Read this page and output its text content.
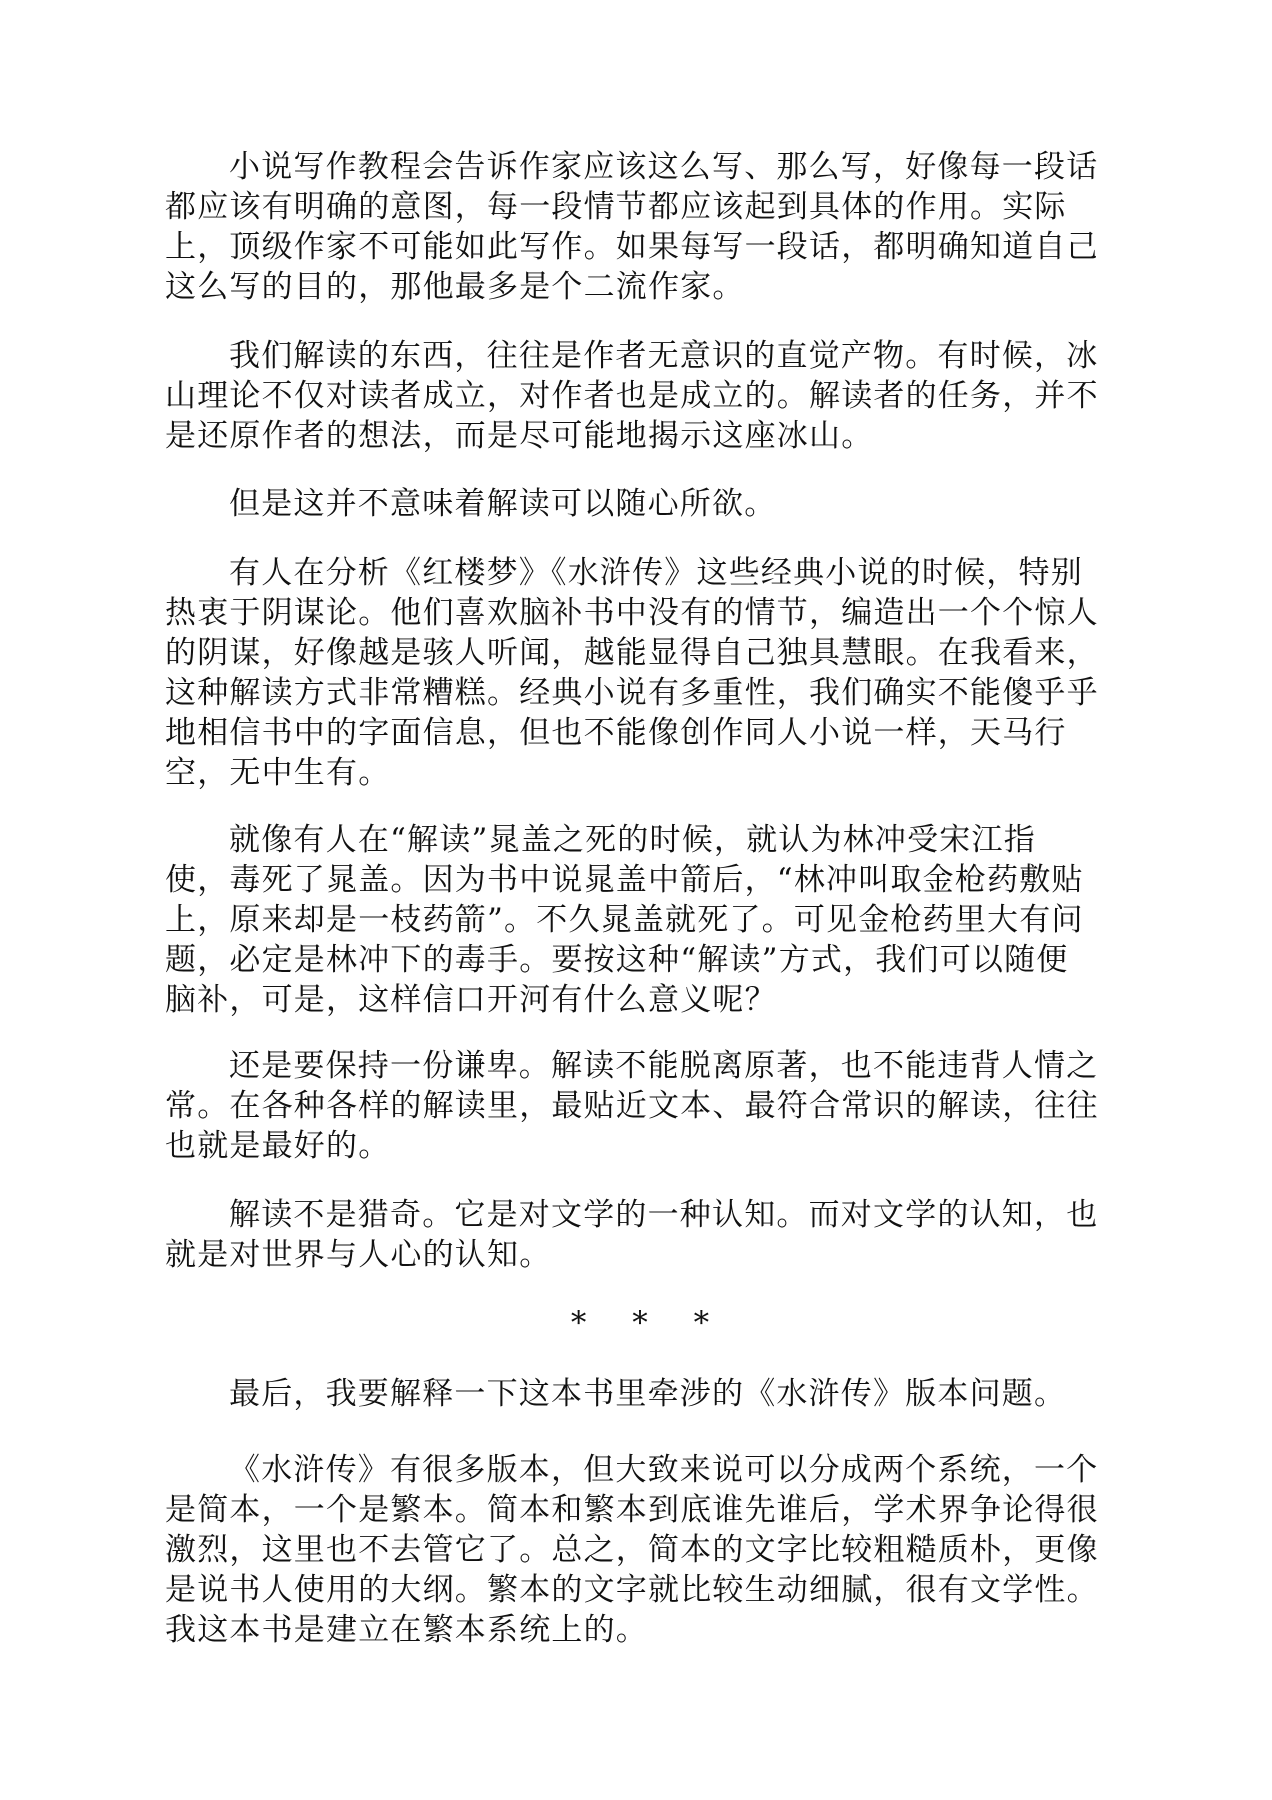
小说写作教程会告诉作家应该这么写、那么写，好像每一段话
都应该有明确的意图，每一段情节都应该起到具体的作用。实际
上，顶级作家不可能如此写作。如果每写一段话，都明确知道自己
这么写的目的，那他最多是个二流作家。

我们解读的东西，往往是作者无意识的直觉产物。有时候，冰
山理论不仅对读者成立，对作者也是成立的。解读者的任务，并不
是还原作者的想法，而是尽可能地揭示这座冰山。

但是这并不意味着解读可以随心所欲。

有人在分析《红楼梦》《水浒传》这些经典小说的时候，特别
热衷于阴谋论。他们喜欢脑补书中没有的情节，编造出一个个惊人
的阴谋，好像越是骇人听闻，越能显得自己独具慧眼。在我看来，
这种解读方式非常糟糕。经典小说有多重性，我们确实不能傻乎乎
地相信书中的字面信息，但也不能像创作同人小说一样，天马行
空，无中生有。

就像有人在“解读”晁盖之死的时候，就认为林冲受宋江指
使，毒死了晁盖。因为书中说晁盖中箭后，“林冲叫取金枪药敷贴
上，原来却是一枝药箭”。不久晁盖就死了。可见金枪药里大有问
题，必定是林冲下的毒手。要按这种“解读”方式，我们可以随便
脑补，可是，这样信口开河有什么意义呢？

还是要保持一份谦卑。解读不能脱离原著，也不能违背人情之
常。在各种各样的解读里，最贴近文本、最符合常识的解读，往往
也就是最好的。

解读不是猎奇。它是对文学的一种认知。而对文学的认知，也
就是对世界与人心的认知。

* * *

最后，我要解释一下这本书里牵涉的《水浒传》版本问题。

《水浒传》有很多版本，但大致来说可以分成两个系统，一个
是简本，一个是繁本。简本和繁本到底谁先谁后，学术界争论得很
激烈，这里也不去管它了。总之，简本的文字比较粗糙质朴，更像
是说书人使用的大纲。繁本的文字就比较生动细腻，很有文学性。
我这本书是建立在繁本系统上的。
